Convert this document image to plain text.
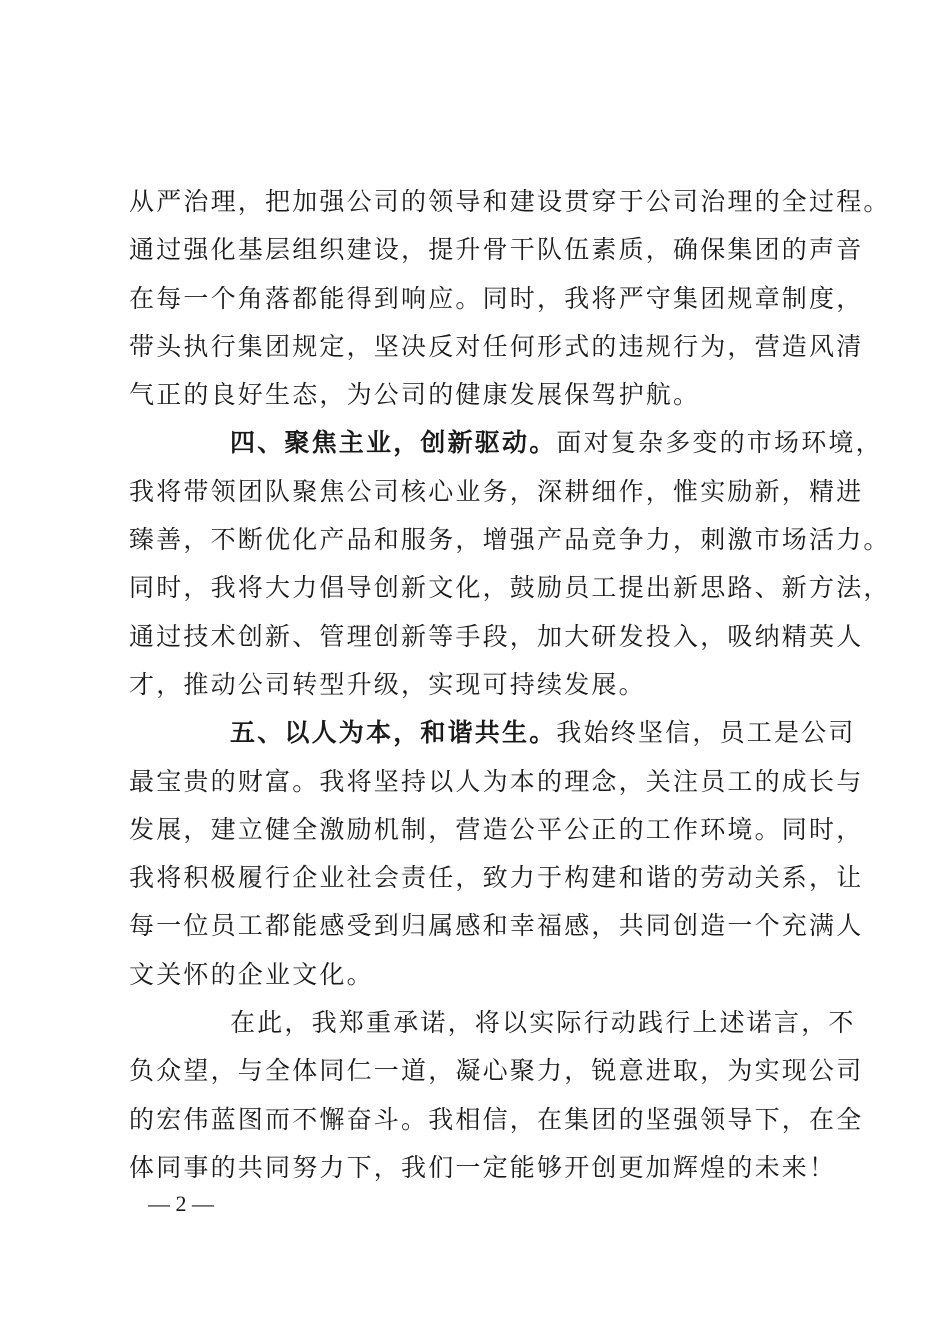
从严治理，把加强公司的领导和建设贯穿于公司治理的全过程。
通过强化基层组织建设，提升骨干队伍素质，确保集团的声音
在每一个角落都能得到响应。同时，我将严守集团规章制度，
带头执行集团规定，坚决反对任何形式的违规行为，营造风清
气正的良好生态，为公司的健康发展保驾护航。
四、聚焦主业，创新驱动。面对复杂多变的市场环境，
我将带领团队聚焦公司核心业务，深耕细作，惟实励新，精进
臻善，不断优化产品和服务，增强产品竞争力，刺激市场活力。
同时，我将大力倡导创新文化，鼓励员工提出新思路、新方法，
通过技术创新、管理创新等手段，加大研发投入，吸纳精英人
才，推动公司转型升级，实现可持续发展。
五、以人为本，和谐共生。我始终坚信，员工是公司
最宝贵的财富。我将坚持以人为本的理念，关注员工的成长与
发展，建立健全激励机制，营造公平公正的工作环境。同时，
我将积极履行企业社会责任，致力于构建和谐的劳动关系，让
每一位员工都能感受到归属感和幸福感，共同创造一个充满人
文关怀的企业文化。
在此，我郑重承诺，将以实际行动践行上述诺言，不
负众望，与全体同仁一道，凝心聚力，锐意进取，为实现公司
的宏伟蓝图而不懈奋斗。我相信，在集团的坚强领导下，在全
体同事的共同努力下，我们一定能够开创更加辉煌的未来！
— 2 —
